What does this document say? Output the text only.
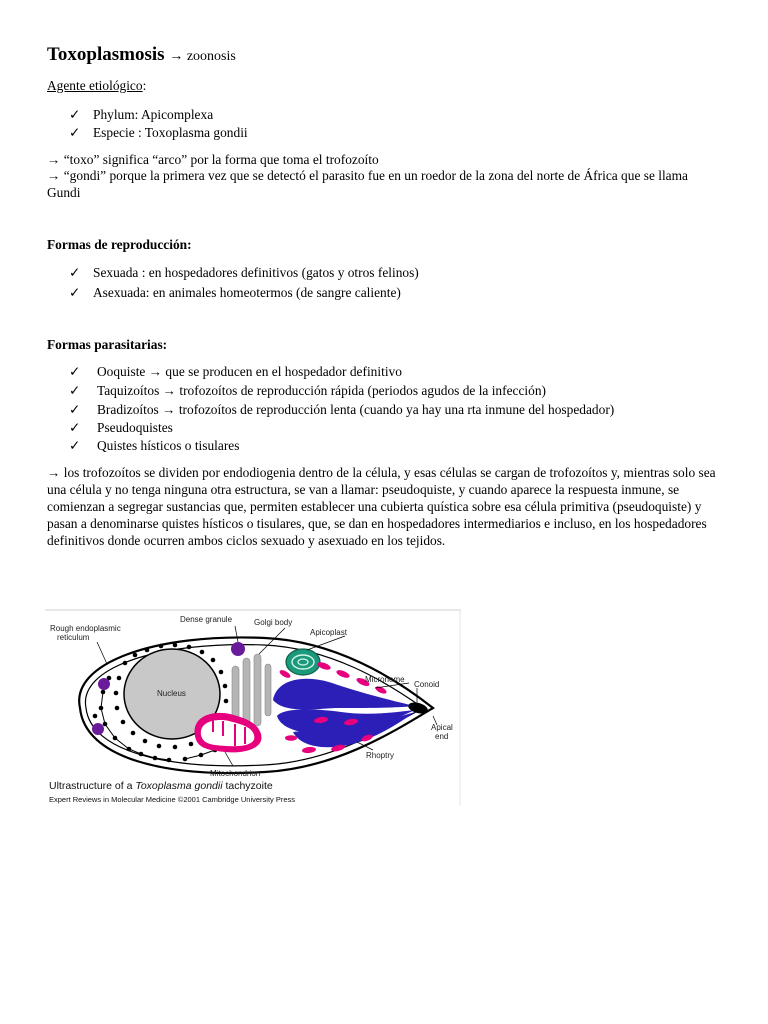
Toxoplasmosis → zoonosis
Agente etiológico:
✓ Phylum: Apicomplexa
✓ Especie : Toxoplasma gondii
→ “toxo” significa “arco” por la forma que toma el trofozoíto
→ “gondi” porque la primera vez que se detectó el parasito fue en un roedor de la zona del norte de África que se llama Gundi
Formas de reproducción:
✓ Sexuada : en hospedadores definitivos (gatos y otros felinos)
✓ Asexuada: en animales homeotermos (de sangre caliente)
Formas parasitarias:
✓ Ooquiste → que se producen en el hospedador definitivo
✓ Taquizoítos → trofozoítos de reproducción rápida (periodos agudos de la infección)
✓ Bradizoítos → trofozoítos de reproducción lenta (cuando ya hay una rta inmune del hospedador)
✓ Pseudoquistes
✓ Quistes hísticos o tisulares
→ los trofozoítos se dividen por endodiogenia dentro de la célula, y esas células se cargan de trofozoítos y, mientras solo sea una célula y no tenga ninguna otra estructura, se van a llamar: pseudoquiste, y cuando aparece la respuesta inmune, se comienzan a segregar sustancias que, permiten establecer una cubierta quística sobre esa célula primitiva (pseudoquiste) y pasan a denominarse quistes hísticos o tisulares, que, se dan en hospedadores intermediarios e incluso, en los hospedadores definitivos donde ocurren ambos ciclos sexuado y asexuado en los tejidos.
Rough endoplasmic
reticulum
Dense granule	Golgi body
Apicoplast
Microneme
Conoid
Apical
end
Nucleus
Mitochondrion
Rhoptry
Ultrastructure of a Toxoplasma gondii tachyzoite
Expert Reviews in Molecular Medicine ©2001 Cambridge University Press
